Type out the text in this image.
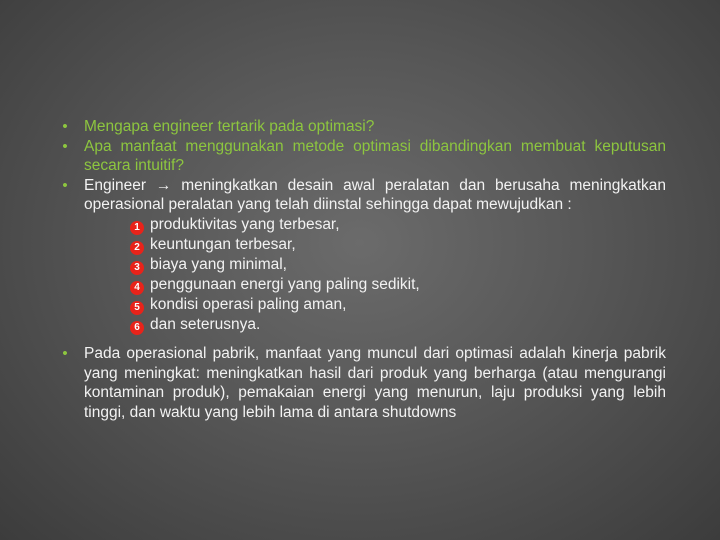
• Mengapa engineer tertarik pada optimasi?
• Apa manfaat menggunakan metode optimasi dibandingkan membuat keputusan secara intuitif?
• Engineer → meningkatkan desain awal peralatan dan berusaha meningkatkan operasional peralatan yang telah diinstal sehingga dapat mewujudkan :
1 produktivitas yang terbesar,
2 keuntungan terbesar,
3 biaya yang minimal,
4 penggunaan energi yang paling sedikit,
5 kondisi operasi paling aman,
6 dan seterusnya.
• Pada operasional pabrik, manfaat yang muncul dari optimasi adalah kinerja pabrik yang meningkat: meningkatkan hasil dari produk yang berharga (atau mengurangi kontaminan produk), pemakaian energi yang menurun, laju produksi yang lebih tinggi, dan waktu yang lebih lama di antara shutdowns
